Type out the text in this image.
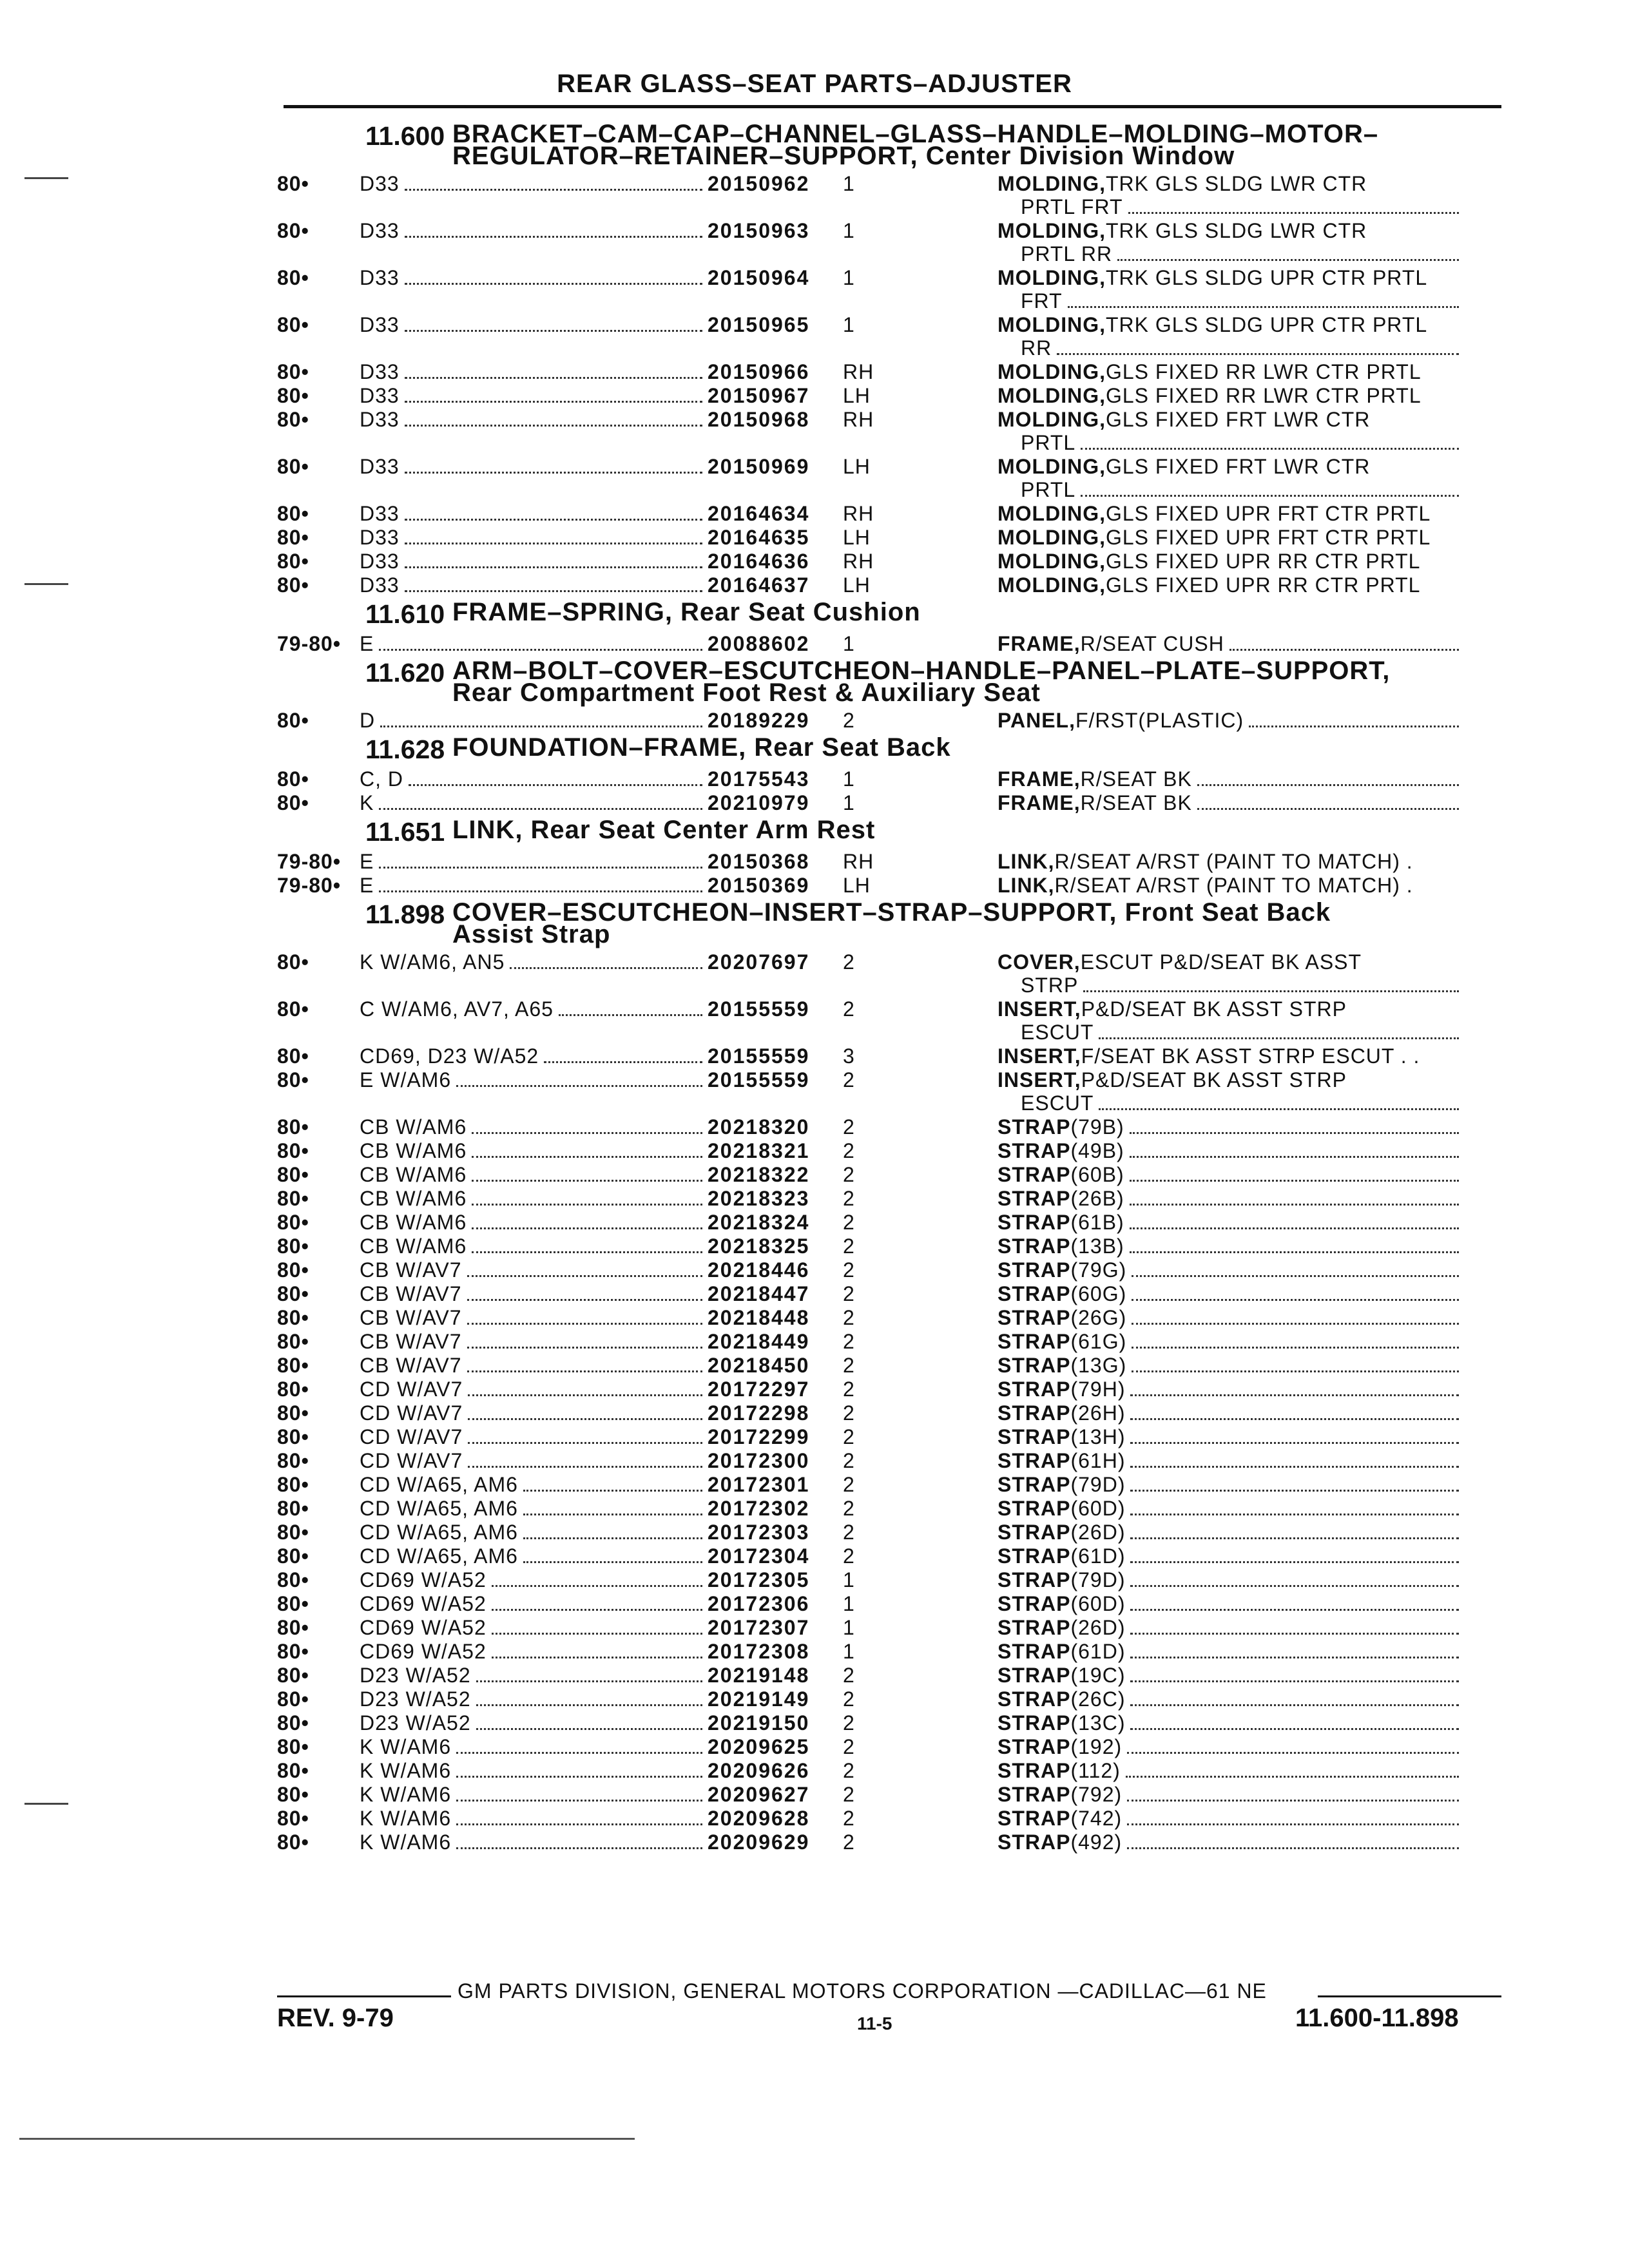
REAR GLASS–SEAT PARTS–ADJUSTER
11.600 BRACKET–CAM–CAP–CHANNEL–GLASS–HANDLE–MOLDING–MOTOR–
REGULATOR–RETAINER–SUPPORT, Center Division Window
80•	D33	20150962	1	MOLDING, TRK GLS SLDG LWR CTR
PRTL FRT
80•	D33	20150963	1	MOLDING, TRK GLS SLDG LWR CTR
PRTL RR
80•	D33	20150964	1	MOLDING, TRK GLS SLDG UPR CTR PRTL
FRT
80•	D33	20150965	1	MOLDING, TRK GLS SLDG UPR CTR PRTL
RR
80•	D33	20150966	RH	MOLDING, GLS FIXED RR LWR CTR PRTL
80•	D33	20150967	LH	MOLDING, GLS FIXED RR LWR CTR PRTL
80•	D33	20150968	RH	MOLDING, GLS FIXED FRT LWR CTR
PRTL
80•	D33	20150969	LH	MOLDING, GLS FIXED FRT LWR CTR
PRTL
80•	D33	20164634	RH	MOLDING, GLS FIXED UPR FRT CTR PRTL
80•	D33	20164635	LH	MOLDING, GLS FIXED UPR FRT CTR PRTL
80•	D33	20164636	RH	MOLDING, GLS FIXED UPR RR CTR PRTL
80•	D33	20164637	LH	MOLDING, GLS FIXED UPR RR CTR PRTL
11.610 FRAME–SPRING, Rear Seat Cushion
79-80• E	20088602	1	FRAME, R/SEAT CUSH
11.620 ARM–BOLT–COVER–ESCUTCHEON–HANDLE–PANEL–PLATE–SUPPORT,
Rear Compartment Foot Rest & Auxiliary Seat
80•	D	20189229	2	PANEL, F/RST(PLASTIC)
11.628 FOUNDATION–FRAME, Rear Seat Back
80•	C, D	20175543	1	FRAME, R/SEAT BK
80•	K	20210979	1	FRAME, R/SEAT BK
11.651 LINK, Rear Seat Center Arm Rest
79-80• E	20150368	RH	LINK, R/SEAT A/RST (PAINT TO MATCH) .
79-80• E	20150369	LH	LINK, R/SEAT A/RST (PAINT TO MATCH) .
11.898 COVER–ESCUTCHEON–INSERT–STRAP–SUPPORT, Front Seat Back
Assist Strap
80•	K W/AM6, AN5	20207697	2	COVER, ESCUT P&D/SEAT BK ASST
STRP
80•	C W/AM6, AV7, A65	20155559	2	INSERT, P&D/SEAT BK ASST STRP
ESCUT
80•	CD69, D23 W/A52	20155559	3	INSERT, F/SEAT BK ASST STRP ESCUT . .
80•	E W/AM6	20155559	2	INSERT, P&D/SEAT BK ASST STRP
ESCUT
80•	CB W/AM6	20218320	2	STRAP (79B)
80•	CB W/AM6	20218321	2	STRAP (49B)
80•	CB W/AM6	20218322	2	STRAP (60B)
80•	CB W/AM6	20218323	2	STRAP (26B)
80•	CB W/AM6	20218324	2	STRAP (61B)
80•	CB W/AM6	20218325	2	STRAP (13B)
80•	CB W/AV7	20218446	2	STRAP (79G)
80•	CB W/AV7	20218447	2	STRAP (60G)
80•	CB W/AV7	20218448	2	STRAP (26G)
80•	CB W/AV7	20218449	2	STRAP (61G)
80•	CB W/AV7	20218450	2	STRAP (13G)
80•	CD W/AV7	20172297	2	STRAP (79H)
80•	CD W/AV7	20172298	2	STRAP (26H)
80•	CD W/AV7	20172299	2	STRAP (13H)
80•	CD W/AV7	20172300	2	STRAP (61H)
80•	CD W/A65, AM6	20172301	2	STRAP (79D)
80•	CD W/A65, AM6	20172302	2	STRAP (60D)
80•	CD W/A65, AM6	20172303	2	STRAP (26D)
80•	CD W/A65, AM6	20172304	2	STRAP (61D)
80•	CD69 W/A52	20172305	1	STRAP (79D)
80•	CD69 W/A52	20172306	1	STRAP (60D)
80•	CD69 W/A52	20172307	1	STRAP (26D)
80•	CD69 W/A52	20172308	1	STRAP (61D)
80•	D23 W/A52	20219148	2	STRAP (19C)
80•	D23 W/A52	20219149	2	STRAP (26C)
80•	D23 W/A52	20219150	2	STRAP (13C)
80•	K W/AM6	20209625	2	STRAP (192)
80•	K W/AM6	20209626	2	STRAP (112)
80•	K W/AM6	20209627	2	STRAP (792)
80•	K W/AM6	20209628	2	STRAP (742)
80•	K W/AM6	20209629	2	STRAP (492)
GM PARTS DIVISION, GENERAL MOTORS CORPORATION —CADILLAC—61 NE
REV. 9-79	11-5	11.600-11.898
